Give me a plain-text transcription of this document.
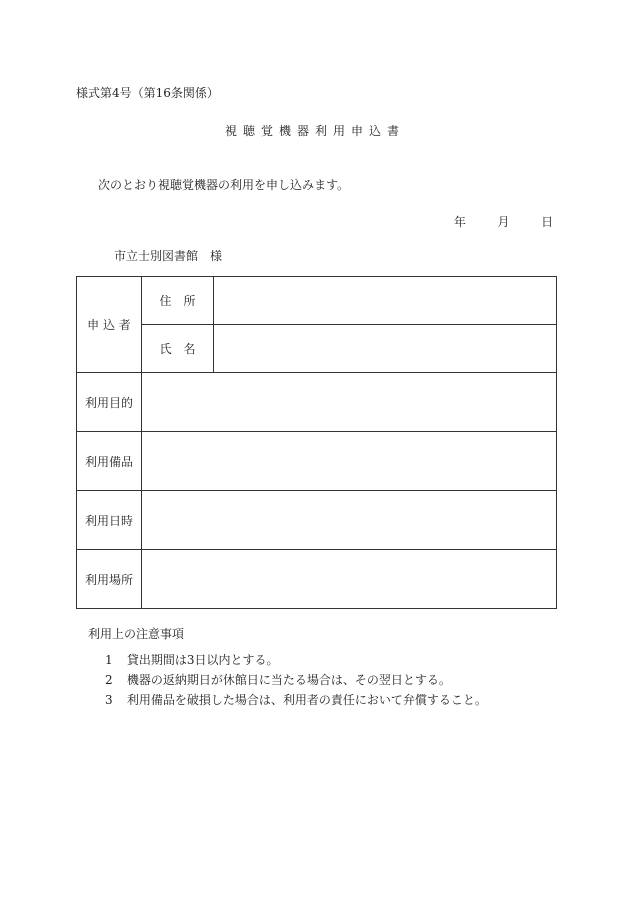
様式第4号（第16条関係）
視聴覚機器利用申込書
次のとおり視聴覚機器の利用を申し込みます。
年	月	日
市立士別図書館　様
申 込 者	住　所	
	氏　名	
利用目的		
利用備品		
利用日時		
利用場所		
利用上の注意事項
1 貸出期間は3日以内とする。
2 機器の返納期日が休館日に当たる場合は、その翌日とする。
3 利用備品を破損した場合は、利用者の責任において弁償すること。
